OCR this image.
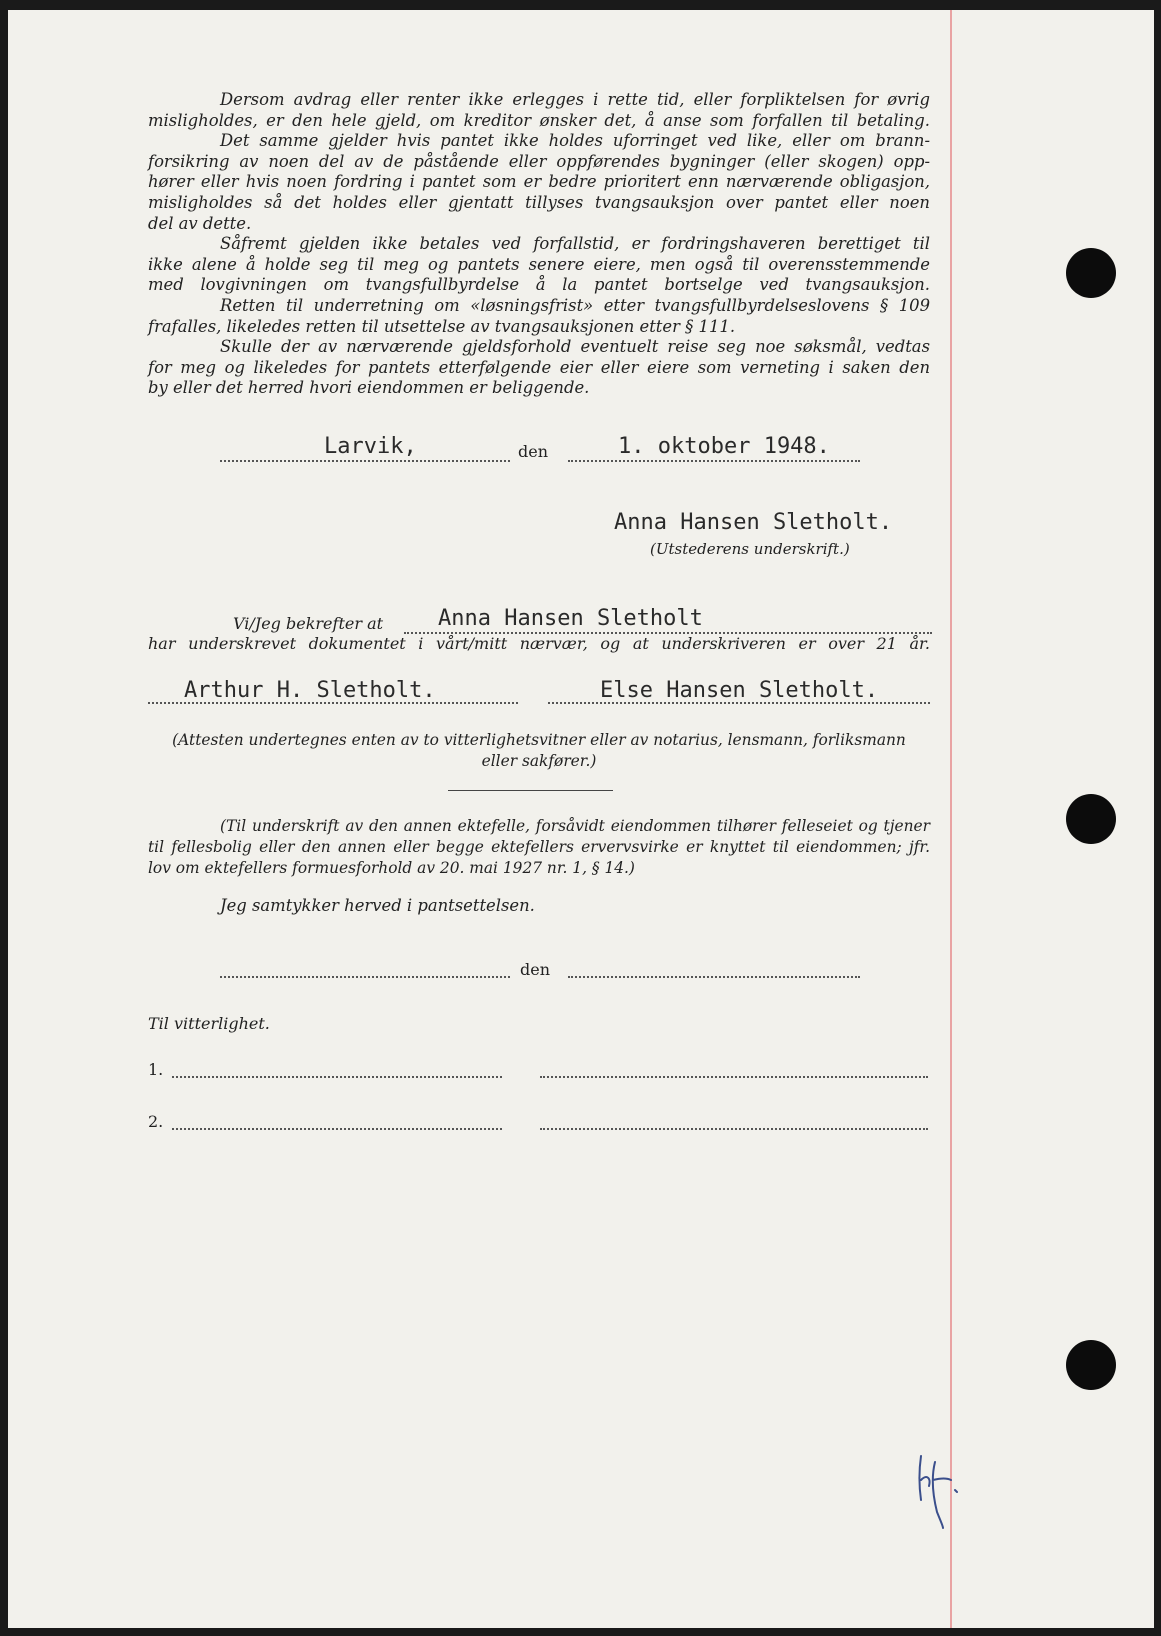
Dersom avdrag eller renter ikke erlegges i rette tid, eller forpliktelsen for øvrig
misligholdes, er den hele gjeld, om kreditor ønsker det, å anse som forfallen til betaling.
Det samme gjelder hvis pantet ikke holdes uforringet ved like, eller om brann-
forsikring av noen del av de påstående eller oppførendes bygninger (eller skogen) opp-
hører eller hvis noen fordring i pantet som er bedre prioritert enn nærværende obligasjon,
misligholdes så det holdes eller gjentatt tillyses tvangsauksjon over pantet eller noen
del av dette.
Såfremt gjelden ikke betales ved forfallstid, er fordringshaveren berettiget til
ikke alene å holde seg til meg og pantets senere eiere, men også til overensstemmende
med lovgivningen om tvangsfullbyrdelse å la pantet bortselge ved tvangsauksjon.
Retten til underretning om «løsningsfrist» etter tvangsfullbyrdelseslovens § 109
frafalles, likeledes retten til utsettelse av tvangsauksjonen etter § 111.
Skulle der av nærværende gjeldsforhold eventuelt reise seg noe søksmål, vedtas
for meg og likeledes for pantets etterfølgende eier eller eiere som verneting i saken den
by eller det herred hvori eiendommen er beliggende.
Larvik,	den	1. oktober 1948.
Anna Hansen Sletholt.
(Utstederens underskrift.)
Vi/Jeg bekrefter at Anna Hansen Sletholt
har underskrevet dokumentet i vårt/mitt nærvær, og at underskriveren er over 21 år.
Arthur H. Sletholt.	Else Hansen Sletholt.
(Attesten undertegnes enten av to vitterlighetsvitner eller av notarius, lensmann, forliksmann
eller sakfører.)
(Til underskrift av den annen ektefelle, forsåvidt eiendommen tilhører felleseiet og tjener
til fellesbolig eller den annen eller begge ektefellers ervervsvirke er knyttet til eiendommen; jfr.
lov om ektefellers formuesforhold av 20. mai 1927 nr. 1, § 14.)
Jeg samtykker herved i pantsettelsen.
den
Til vitterlighet.
1.
2.
